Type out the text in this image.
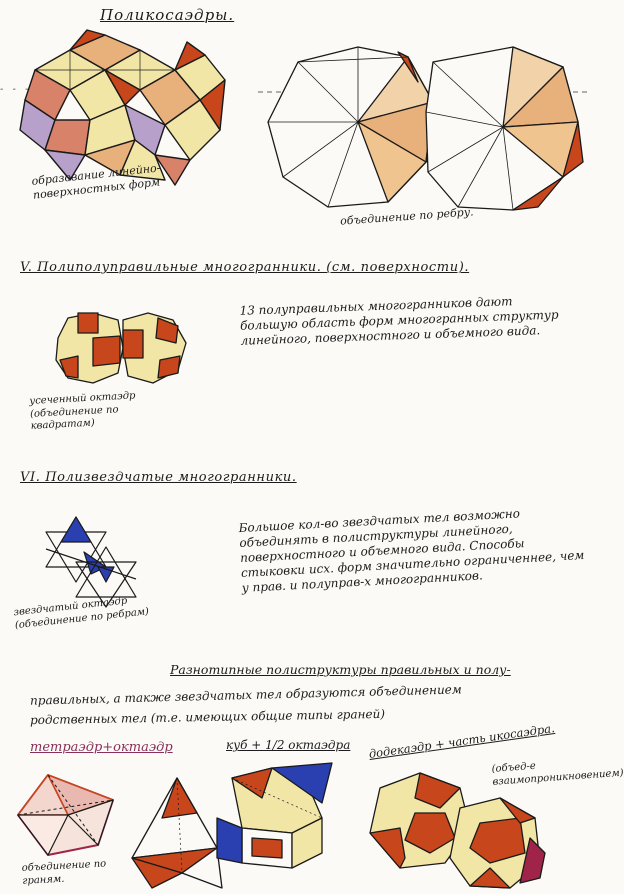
Поликосаэдры.
- - -
образование линейно-поверхностных форм
объединение по ребру.
V. Полиполуправильные многогранники. (см. поверхности).
усеченный октаэдр (объединение по квадратам)
13 полуправильных многогранников дают большую область форм многогранных структур линейного, поверхностного и объемного вида.
VI. Полизвездчатые многогранники.
звездчатый октаэдр (объединение по ребрам)
Большое кол-во звездчатых тел возможно объединять в полиструктуры линейного, поверхностного и объемного вида. Способы стыковки исх. форм значительно ограниченнее, чем у прав. и полуправ-х многогранников.
Разнотипные полиструктуры правильных и полу-
правильных, а также звездчатых тел образуются объединением
родственных тел (т.е. имеющих общие типы граней)
тетраэдр+октаэдр	куб + 1/2 октаэдра додекаэдр + часть икосаэдра.
(объед-е взаимопроникновением)
объединение по граням.
